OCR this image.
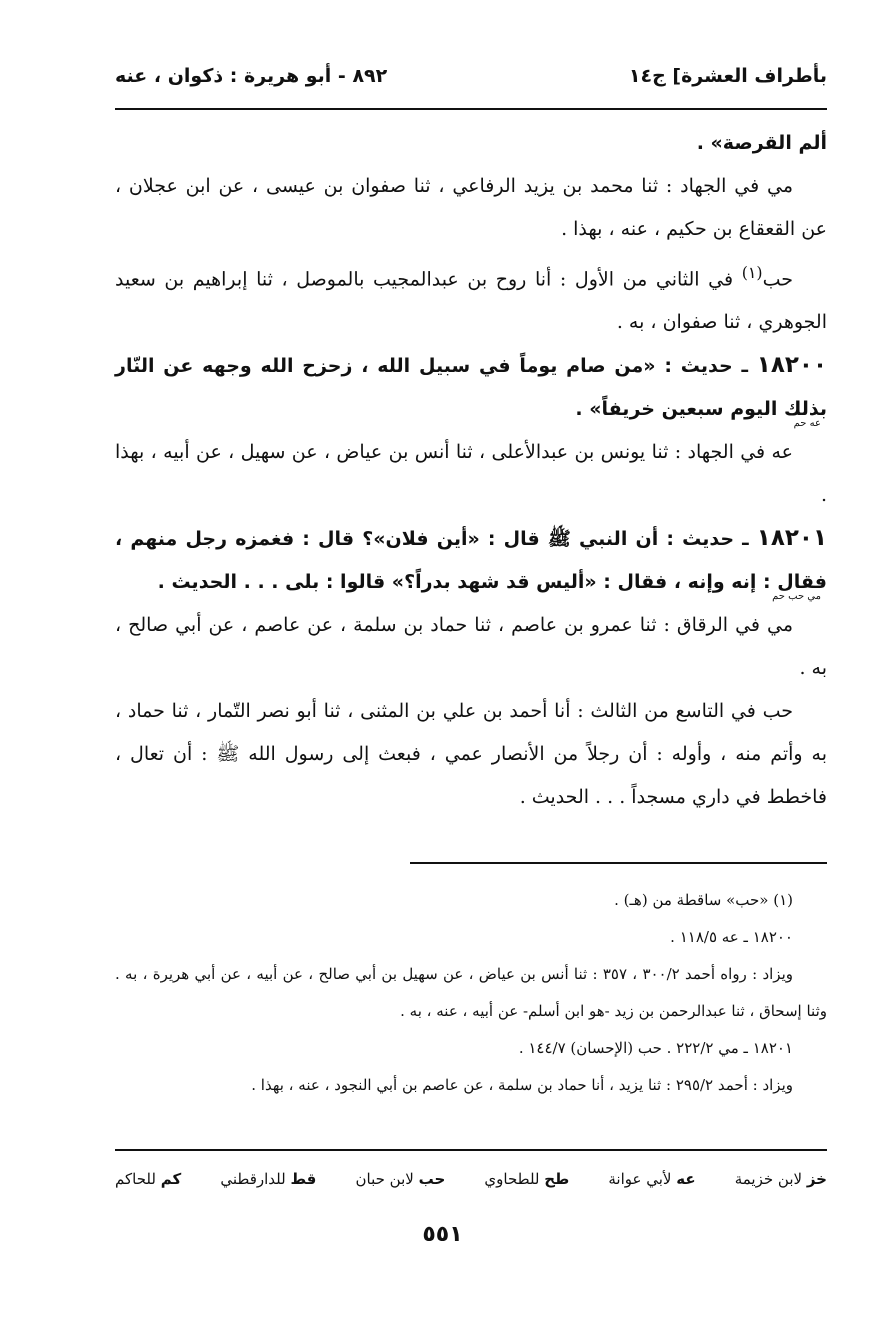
بأطراف العشرة] ج١٤
٨٩٢ - أبو هريرة : ذكوان ، عنه

ألم القرصة» .

مي في الجهاد : ثنا محمد بن يزيد الرفاعي ، ثنا صفوان بن عيسى ، عن ابن عجلان ، عن القعقاع بن حكيم ، عنه ، بهذا .

حب$^{(١)}$ في الثاني من الأول : أنا روح بن عبدالمجيب بالموصل ، ثنا إبراهيم بن سعيد الجوهري ، ثنا صفوان ، به .

١٨٢٠٠ ـ حديث : «من صام يوماً في سبيل الله ، زحزح الله وجهه عن النّار بذلك اليوم سبعين خريفاً» .

عه حم

عه في الجهاد : ثنا يونس بن عبدالأعلى ، ثنا أنس بن عياض ، عن سهيل ، عن أبيه ، بهذا .

١٨٢٠١ ـ حديث : أن النبي ﷺ قال : «أين فلان»؟ قال : فغمزه رجل منهم ، فقال : إنه وإنه ، فقال : «أليس قد شهد بدراً؟» قالوا : بلى . . . الحديث .

مي حب حم

مي في الرقاق : ثنا عمرو بن عاصم ، ثنا حماد بن سلمة ، عن عاصم ، عن أبي صالح ، به .

حب في التاسع من الثالث : أنا أحمد بن علي بن المثنى ، ثنا أبو نصر التّمار ، ثنا حماد ، به وأتم منه ، وأوله : أن رجلاً من الأنصار عمي ، فبعث إلى رسول الله ﷺ : أن تعال ، فاخطط في داري مسجداً . . . الحديث .

(١) «حب» ساقطة من (هـ) .

١٨٢٠٠ ـ عه ١١٨/٥ .

ويزاد : رواه أحمد ٣٠٠/٢ ، ٣٥٧ : ثنا أنس بن عياض ، عن سهيل بن أبي صالح ، عن أبيه ، عن أبي هريرة ، به . وثنا إسحاق ، ثنا عبدالرحمن بن زيد -هو ابن أسلم- عن أبيه ، عنه ، به .

١٨٢٠١ ـ مي ٢٢٢/٢ . حب (الإحسان) ١٤٤/٧ .

ويزاد : أحمد ٢٩٥/٢ : ثنا يزيد ، أنا حماد بن سلمة ، عن عاصم بن أبي النجود ، عنه ، بهذا .

خز لابن خزيمة
عه لأبي عوانة
طح للطحاوي
حب لابن حبان
قط للدارقطني
كم للحاكم
٥٥١
